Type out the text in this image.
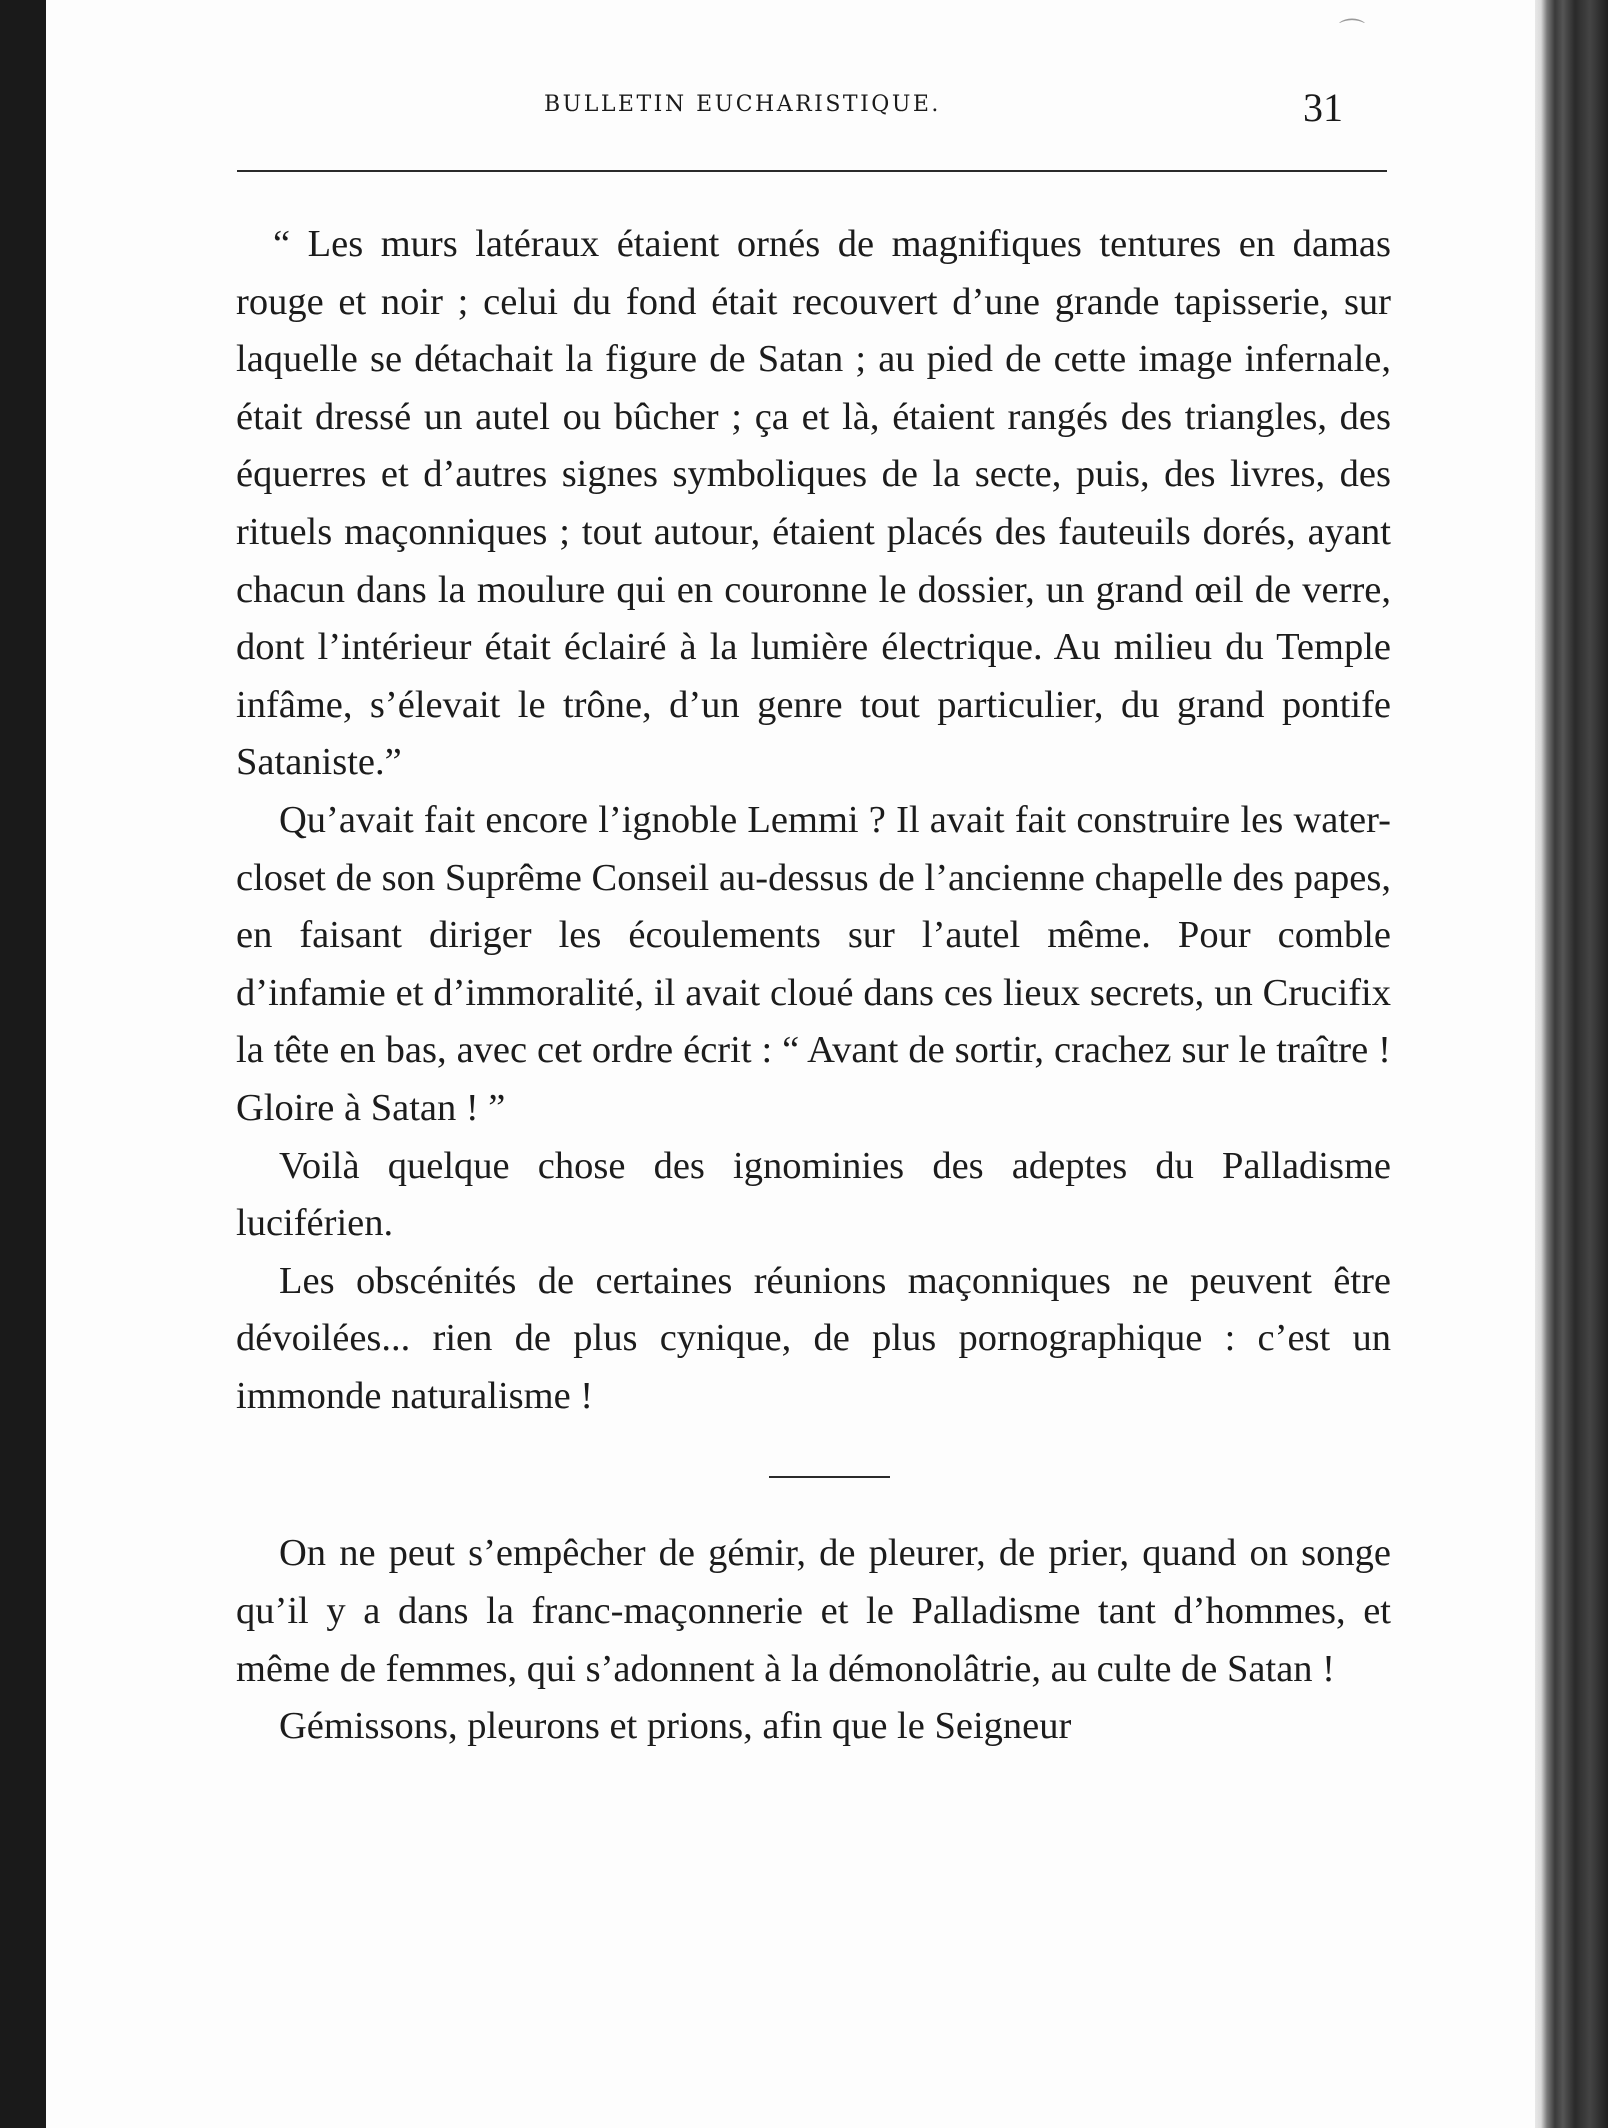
⌒
BULLETIN EUCHARISTIQUE.	31

“ Les murs latéraux étaient ornés de magnifiques tentures en damas rouge et noir ; celui du fond était recouvert d’une grande tapisserie, sur laquelle se détachait la figure de Satan ; au pied de cette image infernale, était dressé un autel ou bûcher ; ça et là, étaient rangés des triangles, des équerres et d’autres signes symboliques de la secte, puis, des livres, des rituels maçonniques ; tout autour, étaient placés des fauteuils dorés, ayant chacun dans la moulure qui en couronne le dossier, un grand œil de verre, dont l’intérieur était éclairé à la lumière électrique. Au milieu du Temple infâme, s’élevait le trône, d’un genre tout particulier, du grand pontife Sataniste.”

Qu’avait fait encore l’ignoble Lemmi ? Il avait fait construire les water-closet de son Suprême Conseil au-dessus de l’ancienne chapelle des papes, en faisant diriger les écoulements sur l’autel même. Pour comble d’infamie et d’immoralité, il avait cloué dans ces lieux secrets, un Crucifix la tête en bas, avec cet ordre écrit : “ Avant de sortir, crachez sur le traître ! Gloire à Satan ! ”

Voilà quelque chose des ignominies des adeptes du Palladisme luciférien.

Les obscénités de certaines réunions maçonniques ne peuvent être dévoilées... rien de plus cynique, de plus pornographique : c’est un immonde naturalisme !

On ne peut s’empêcher de gémir, de pleurer, de prier, quand on songe qu’il y a dans la franc-maçonnerie et le Palladisme tant d’hommes, et même de femmes, qui s’adonnent à la démonolâtrie, au culte de Satan !

Gémissons, pleurons et prions, afin que le Seigneur
